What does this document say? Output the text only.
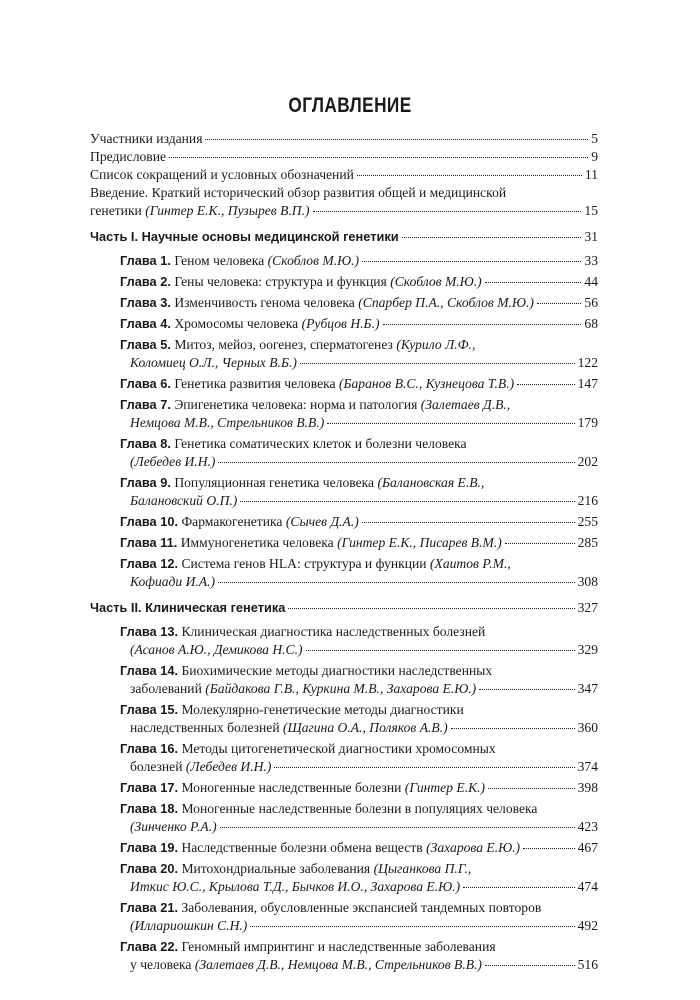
ОГЛАВЛЕНИЕ
Участники издания	5
Предисловие	9
Список сокращений и условных обозначений	11
Введение. Краткий исторический обзор развития общей и медицинской
генетики (Гинтер Е.К., Пузырев В.П.)	15
Часть I. Научные основы медицинской генетики	31
Глава 1. Геном человека (Скоблов М.Ю.)	33
Глава 2. Гены человека: структура и функция (Скоблов М.Ю.)	44
Глава 3. Изменчивость генома человека (Спарбер П.А., Скоблов М.Ю.)	56
Глава 4. Хромосомы человека (Рубцов Н.Б.)	68
Глава 5. Митоз, мейоз, оогенез, сперматогенез (Курило Л.Ф.,
Коломиец О.Л., Черных В.Б.)	122
Глава 6. Генетика развития человека (Баранов В.С., Кузнецова Т.В.)	147
Глава 7. Эпигенетика человека: норма и патология (Залетаев Д.В.,
Немцова М.В., Стрельников В.В.)	179
Глава 8. Генетика соматических клеток и болезни человека
(Лебедев И.Н.)	202
Глава 9. Популяционная генетика человека (Балановская Е.В.,
Балановский О.П.)	216
Глава 10. Фармакогенетика (Сычев Д.А.)	255
Глава 11. Иммуногенетика человека (Гинтер Е.К., Писарев В.М.)	285
Глава 12. Система генов HLA: структура и функции (Хаитов Р.М.,
Кофиади И.А.)	308
Часть II. Клиническая генетика	327
Глава 13. Клиническая диагностика наследственных болезней
(Асанов А.Ю., Демикова Н.С.)	329
Глава 14. Биохимические методы диагностики наследственных
заболеваний (Байдакова Г.В., Куркина М.В., Захарова Е.Ю.)	347
Глава 15. Молекулярно-генетические методы диагностики
наследственных болезней (Щагина О.А., Поляков А.В.)	360
Глава 16. Методы цитогенетической диагностики хромосомных
болезней (Лебедев И.Н.)	374
Глава 17. Моногенные наследственные болезни (Гинтер Е.К.)	398
Глава 18. Моногенные наследственные болезни в популяциях человека
(Зинченко Р.А.)	423
Глава 19. Наследственные болезни обмена веществ (Захарова Е.Ю.)	467
Глава 20. Митохондриальные заболевания (Цыганкова П.Г.,
Иткис Ю.С., Крылова Т.Д., Бычков И.О., Захарова Е.Ю.)	474
Глава 21. Заболевания, обусловленные экспансией тандемных повторов
(Иллариошкин С.Н.)	492
Глава 22. Геномный импринтинг и наследственные заболевания
у человека (Залетаев Д.В., Немцова М.В., Стрельников В.В.)	516
